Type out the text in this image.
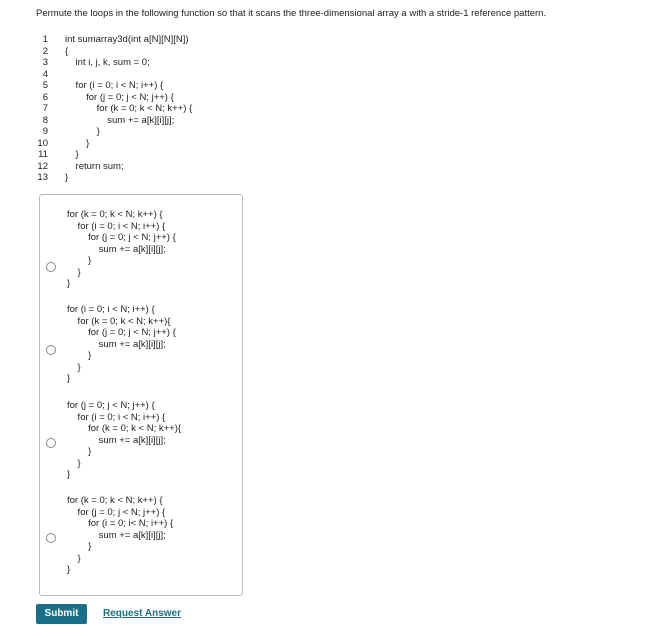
Permute the loops in the following function so that it scans the three-dimensional array a with a stride-1 reference pattern.
1 int sumarray3d(int a[N][N][N])
2 {
3 int i, j, k, sum = 0;
4
5 for (i = 0; i < N; i++) {
6 for (j = 0; j < N; j++) {
7 for (k = 0; k < N; k++) {
8 sum += a[k][i][j];
9 }
10 }
11 }
12 return sum;
13 }
for (k = 0; k < N; k++) {
for (i = 0; i < N; i++) {
for (j = 0; j < N; j++) {
sum += a[k][i][j];
}
}
}
for (i = 0; i < N; i++) {
for (k = 0; k < N; k++){
for (j = 0; j < N; j++) {
sum += a[k][i][j];
}
}
}
for (j = 0; j < N; j++) {
for (i = 0; i < N; i++) {
for (k = 0; k < N; k++){
sum += a[k][i][j];
}
}
}
for (k = 0; k < N; k++) {
for (j = 0; j < N; j++) {
for (i = 0; i< N; i++) {
sum += a[k][i][j];
}
}
}
Submit	Request Answer
